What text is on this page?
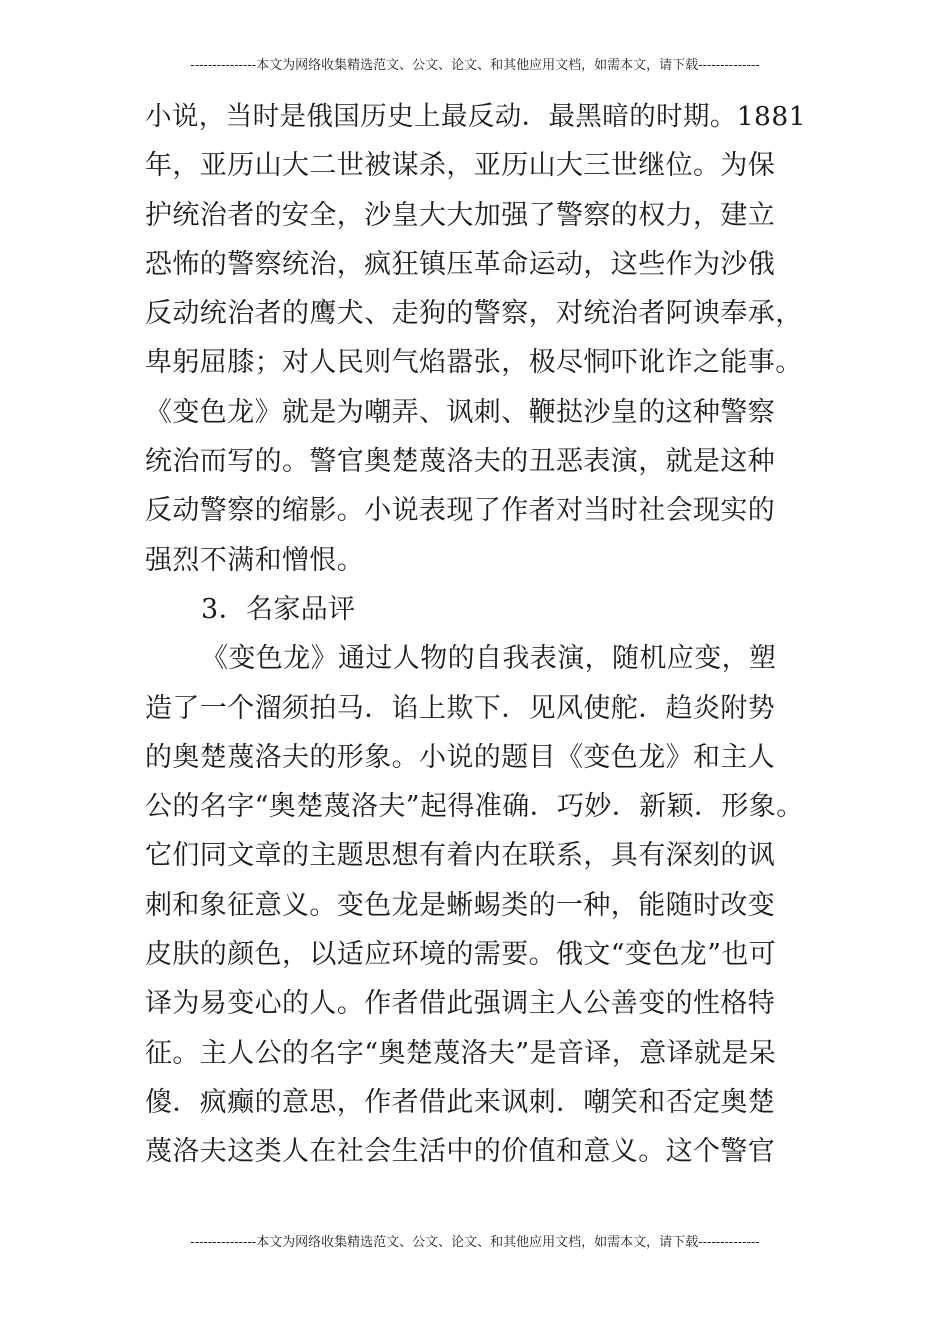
---------------本文为网络收集精选范文、公文、论文、和其他应用文档，如需本文，请下载--------------
小说，当时是俄国历史上最反动．最黑暗的时期。1881
年，亚历山大二世被谋杀，亚历山大三世继位。为保
护统治者的安全，沙皇大大加强了警察的权力，建立
恐怖的警察统治，疯狂镇压革命运动，这些作为沙俄
反动统治者的鹰犬、走狗的警察，对统治者阿谀奉承，
卑躬屈膝；对人民则气焰嚣张，极尽恫吓讹诈之能事。
《变色龙》就是为嘲弄、讽刺、鞭挞沙皇的这种警察
统治而写的。警官奥楚蔑洛夫的丑恶表演，就是这种
反动警察的缩影。小说表现了作者对当时社会现实的
强烈不满和憎恨。
3．名家品评
《变色龙》通过人物的自我表演，随机应变，塑
造了一个溜须拍马．谄上欺下．见风使舵．趋炎附势
的奥楚蔑洛夫的形象。小说的题目《变色龙》和主人
公的名字“奥楚蔑洛夫”起得准确．巧妙．新颖．形象。
它们同文章的主题思想有着内在联系，具有深刻的讽
刺和象征意义。变色龙是蜥蜴类的一种，能随时改变
皮肤的颜色，以适应环境的需要。俄文“变色龙”也可
译为易变心的人。作者借此强调主人公善变的性格特
征。主人公的名字“奥楚蔑洛夫”是音译，意译就是呆
傻．疯癫的意思，作者借此来讽刺．嘲笑和否定奥楚
蔑洛夫这类人在社会生活中的价值和意义。这个警官
---------------本文为网络收集精选范文、公文、论文、和其他应用文档，如需本文，请下载--------------
